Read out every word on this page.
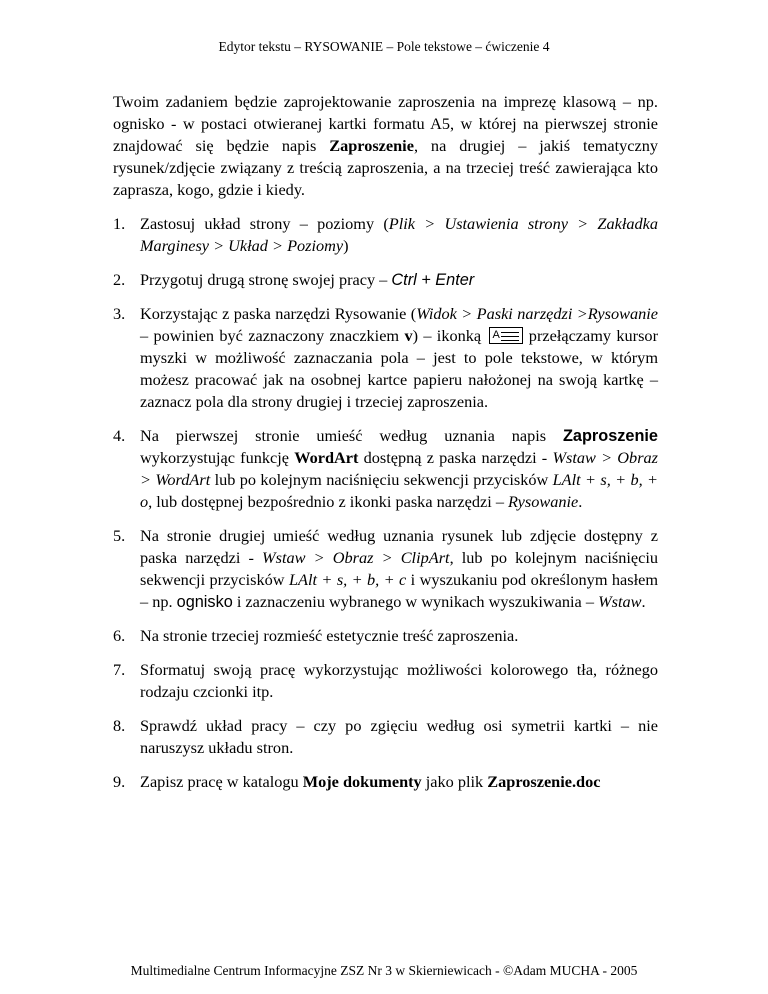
Edytor tekstu – RYSOWANIE – Pole tekstowe – ćwiczenie 4

Twoim zadaniem będzie zaprojektowanie zaproszenia na imprezę klasową – np. ognisko - w postaci otwieranej kartki formatu A5, w której na pierwszej stronie znajdować się będzie napis Zaproszenie, na drugiej – jakiś tematyczny rysunek/zdjęcie związany z treścią zaproszenia, a na trzeciej treść zawierająca kto zaprasza, kogo, gdzie i kiedy.

1. Zastosuj układ strony – poziomy (Plik > Ustawienia strony > Zakładka Marginesy > Układ > Poziomy)
2. Przygotuj drugą stronę swojej pracy – Ctrl + Enter
3. Korzystając z paska narzędzi Rysowanie (Widok > Paski narzędzi >Rysowanie – powinien być zaznaczony znaczkiem v) – ikonką A przełączamy kursor myszki w możliwość zaznaczania pola – jest to pole tekstowe, w którym możesz pracować jak na osobnej kartce papieru nałożonej na swoją kartkę – zaznacz pola dla strony drugiej i trzeciej zaproszenia.
4. Na pierwszej stronie umieść według uznania napis Zaproszenie wykorzystując funkcję WordArt dostępną z paska narzędzi - Wstaw > Obraz > WordArt lub po kolejnym naciśnięciu sekwencji przycisków LAlt + s, + b, + o, lub dostępnej bezpośrednio z ikonki paska narzędzi – Rysowanie.
5. Na stronie drugiej umieść według uznania rysunek lub zdjęcie dostępny z paska narzędzi - Wstaw > Obraz > ClipArt, lub po kolejnym naciśnięciu sekwencji przycisków LAlt + s, + b, + c i wyszukaniu pod określonym hasłem – np. ognisko i zaznaczeniu wybranego w wynikach wyszukiwania – Wstaw.
6. Na stronie trzeciej rozmieść estetycznie treść zaproszenia.
7. Sformatuj swoją pracę wykorzystując możliwości kolorowego tła, różnego rodzaju czcionki itp.
8. Sprawdź układ pracy – czy po zgięciu według osi symetrii kartki – nie naruszysz układu stron.
9. Zapisz pracę w katalogu Moje dokumenty jako plik Zaproszenie.doc
Multimedialne Centrum Informacyjne ZSZ Nr 3 w Skierniewicach - ©Adam MUCHA - 2005
